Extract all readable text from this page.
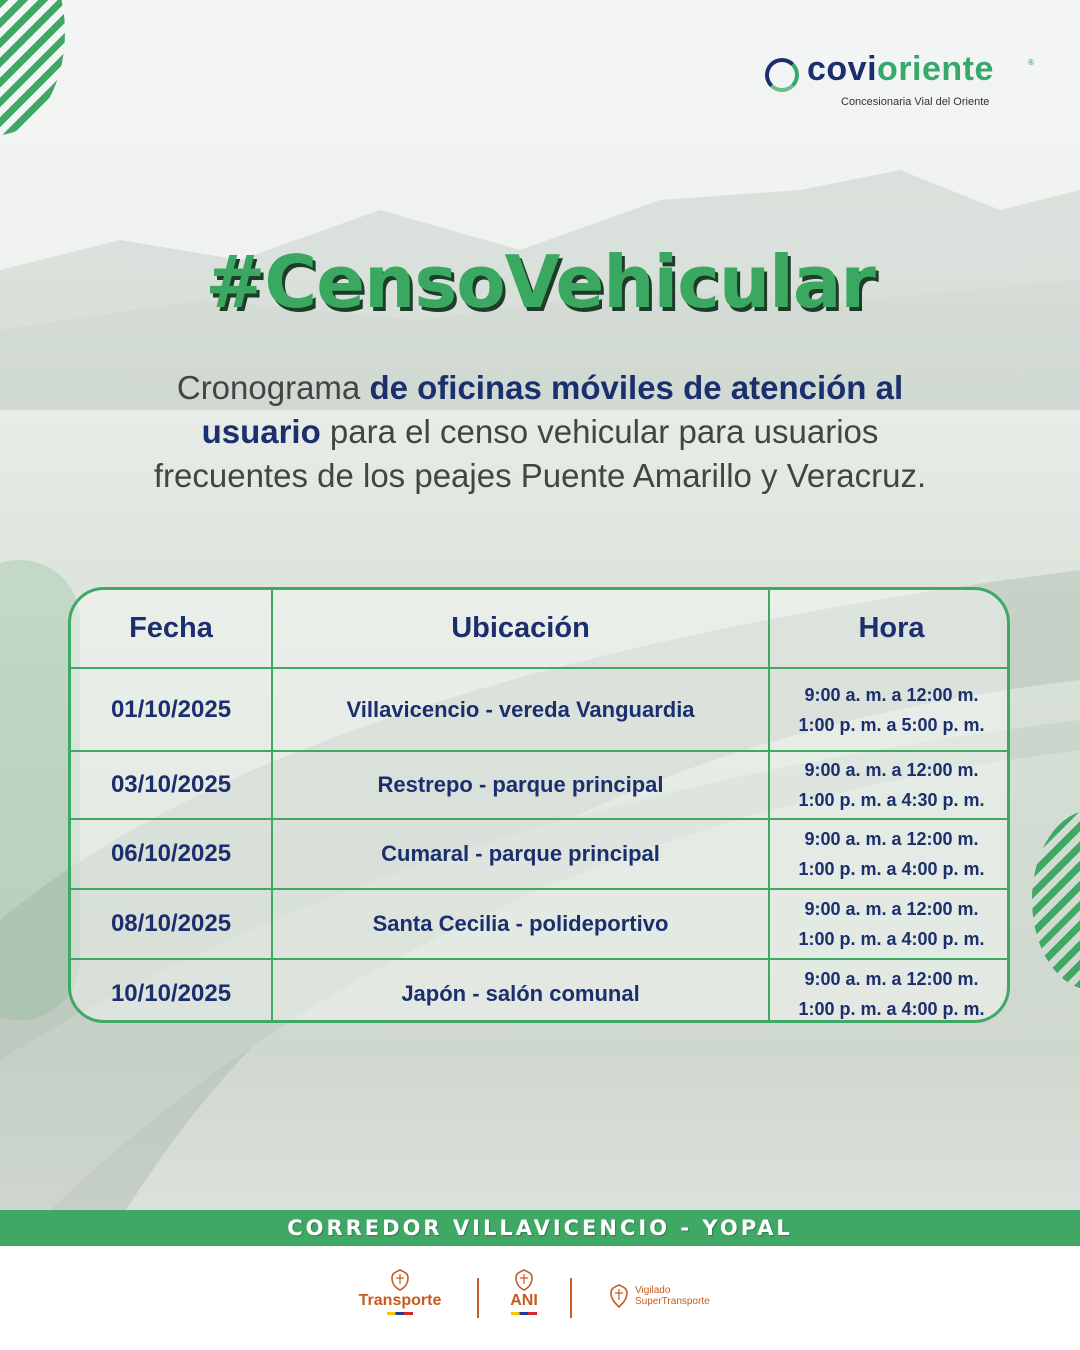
covioriente	®
Concesionaria Vial del Oriente
#CensoVehicular
Cronograma de oficinas móviles de atención al usuario para el censo vehicular para usuarios frecuentes de los peajes Puente Amarillo y Veracruz.
Fecha	Ubicación	Hora
01/10/2025	Villavicencio - vereda Vanguardia	9:00 a. m. a 12:00 m.
1:00 p. m. a 5:00 p. m.

03/10/2025	Restrepo - parque principal	9:00 a. m. a 12:00 m.
1:00 p. m. a 4:30 p. m.

06/10/2025	Cumaral - parque principal	9:00 a. m. a 12:00 m.
1:00 p. m. a 4:00 p. m.

08/10/2025	Santa Cecilia - polideportivo	9:00 a. m. a 12:00 m.
1:00 p. m. a 4:00 p. m.

10/10/2025	Japón - salón comunal	9:00 a. m. a 12:00 m.
1:00 p. m. a 4:00 p. m.
CORREDOR VILLAVICENCIO - YOPAL
Transporte	ANI
Vigilado
SuperTransporte
